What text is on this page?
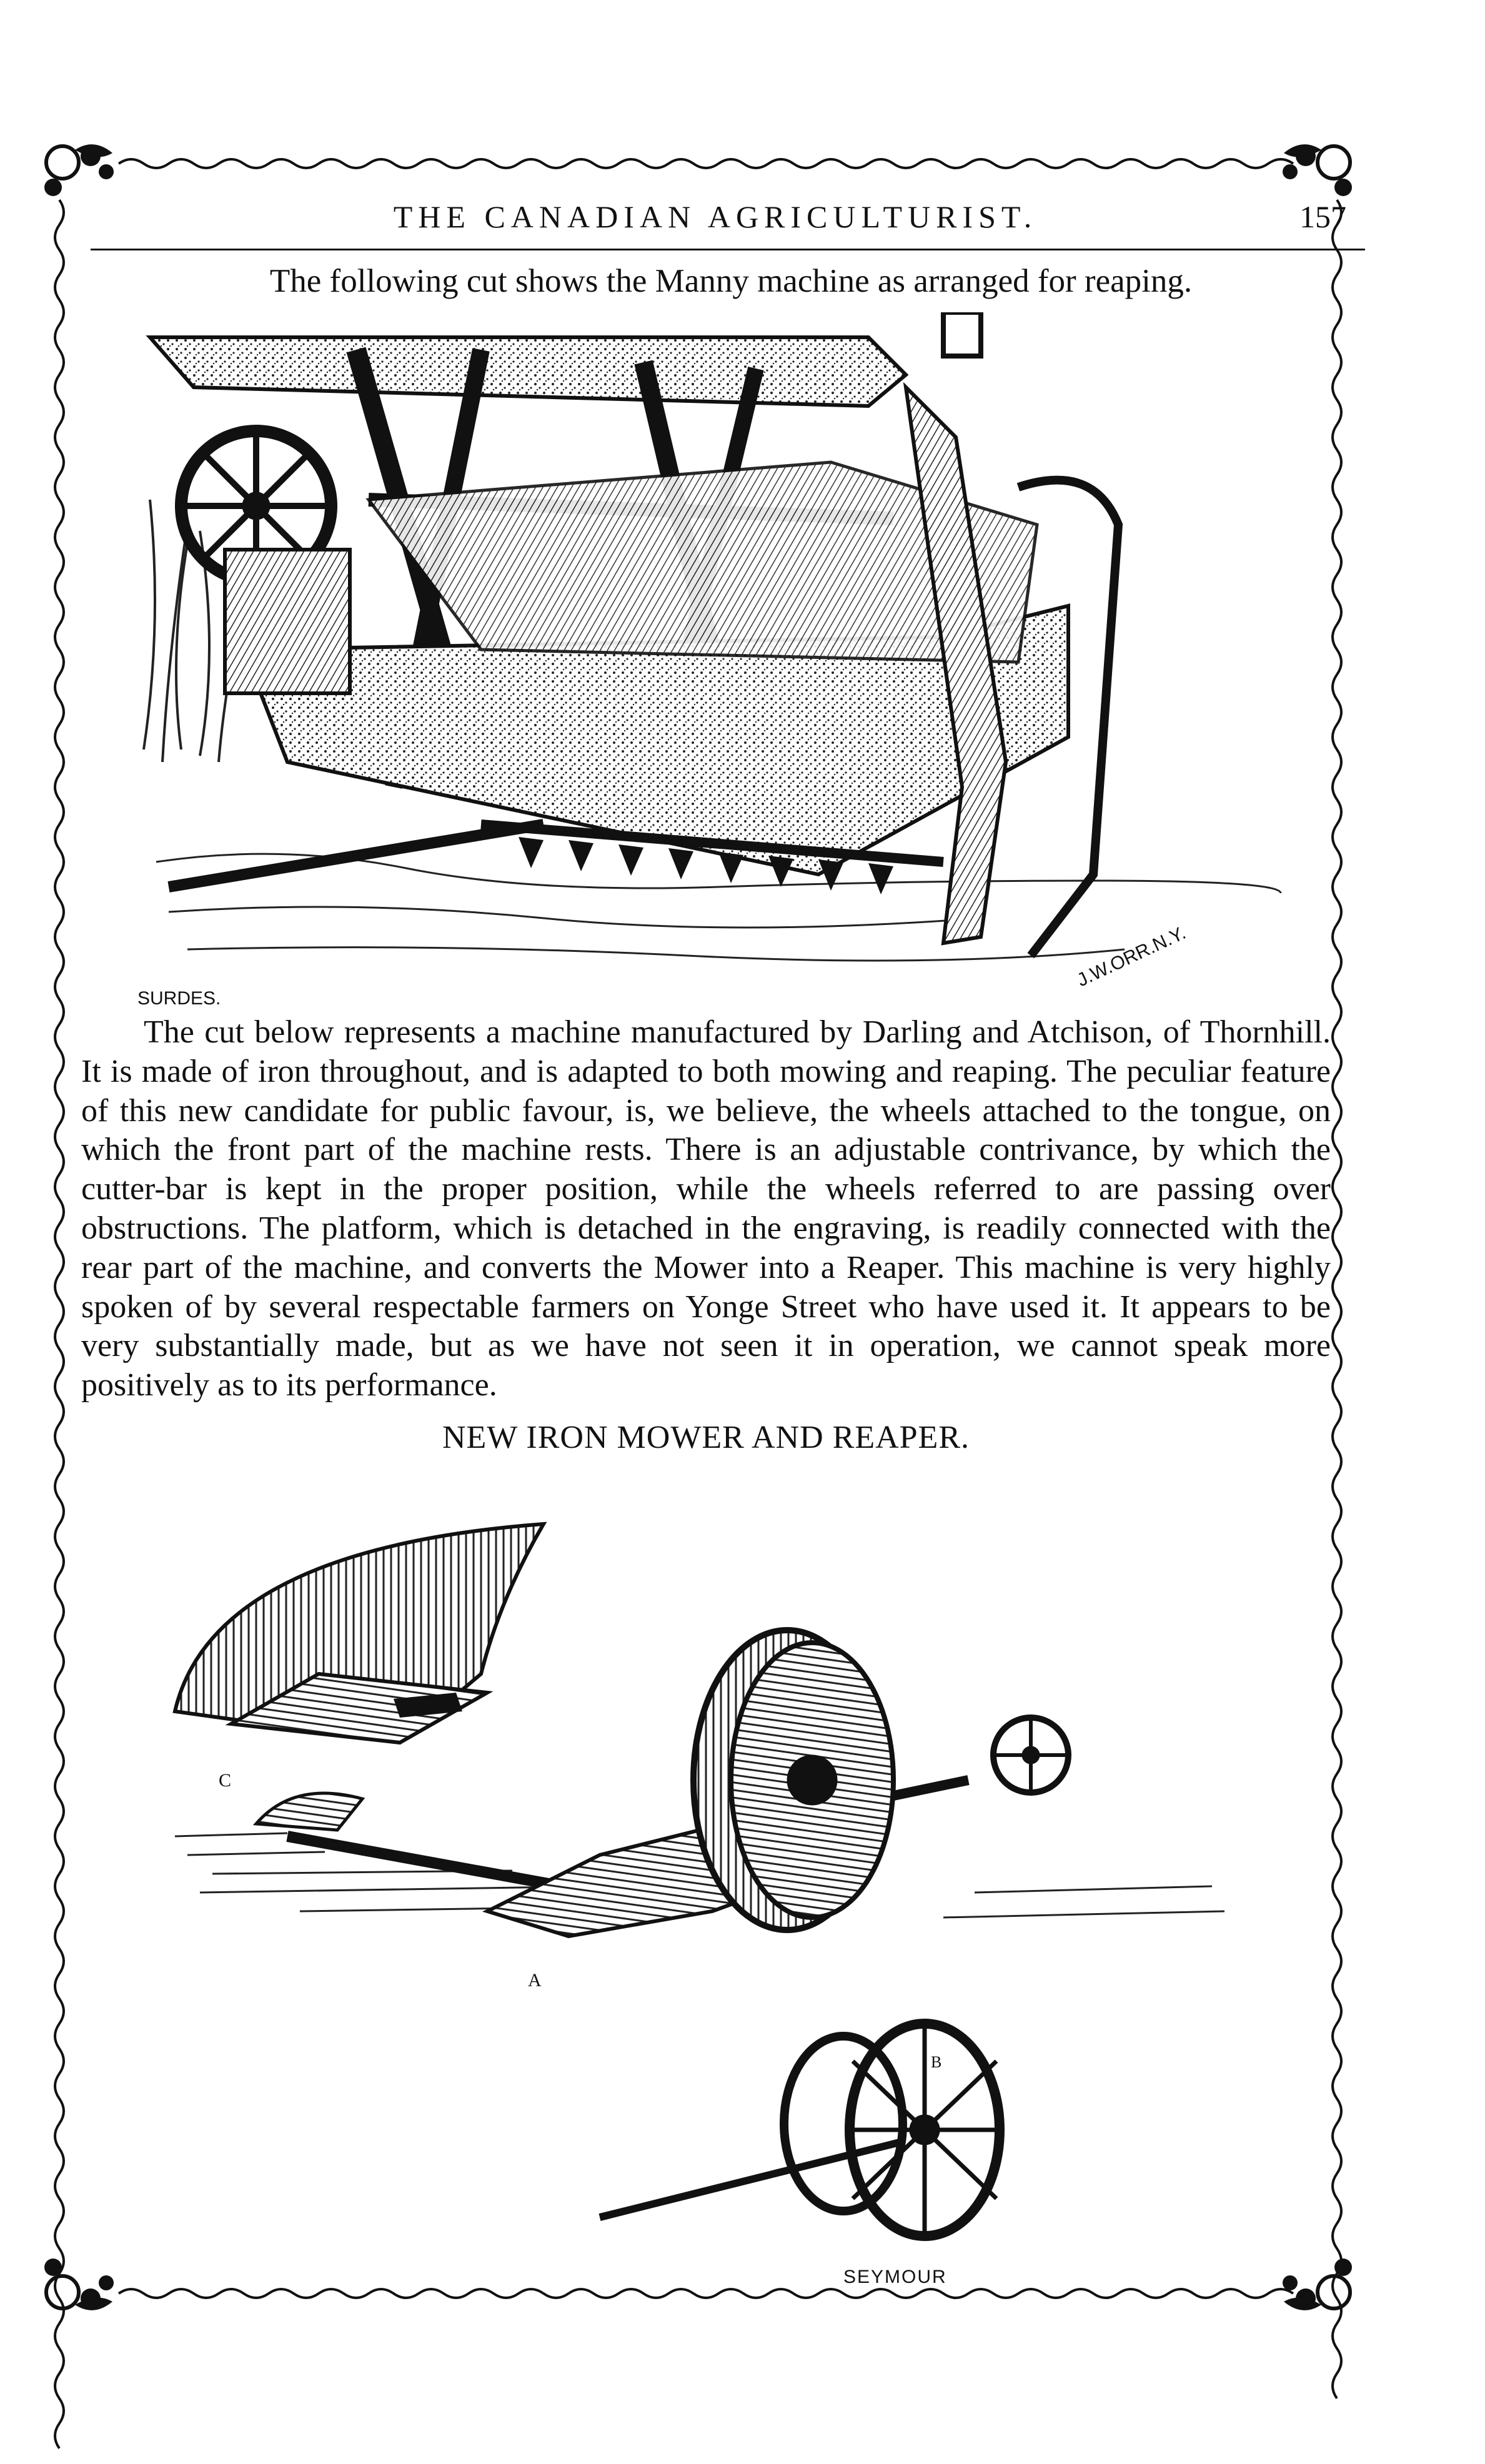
THE CANADIAN AGRICULTURIST.	157
The following cut shows the Manny machine as arranged for reaping.
SURDES.
J.W.ORR.N.Y.

The cut below represents a machine manufactured by Darling and Atchison, of Thornhill. It is made of iron throughout, and is adapted to both mowing and reaping. The peculiar feature of this new candidate for public favour, is, we believe, the wheels attached to the tongue, on which the front part of the machine rests. There is an adjustable contrivance, by which the cutter-bar is kept in the proper position, while the wheels referred to are passing over obstructions. The platform, which is detached in the engraving, is readily connected with the rear part of the machine, and converts the Mower into a Reaper. This machine is very highly spoken of by several respectable farmers on Yonge Street who have used it. It appears to be very substantially made, but as we have not seen it in operation, we cannot speak more positively as to its performance.

NEW IRON MOWER AND REAPER.
C
A
B
SEYMOUR
